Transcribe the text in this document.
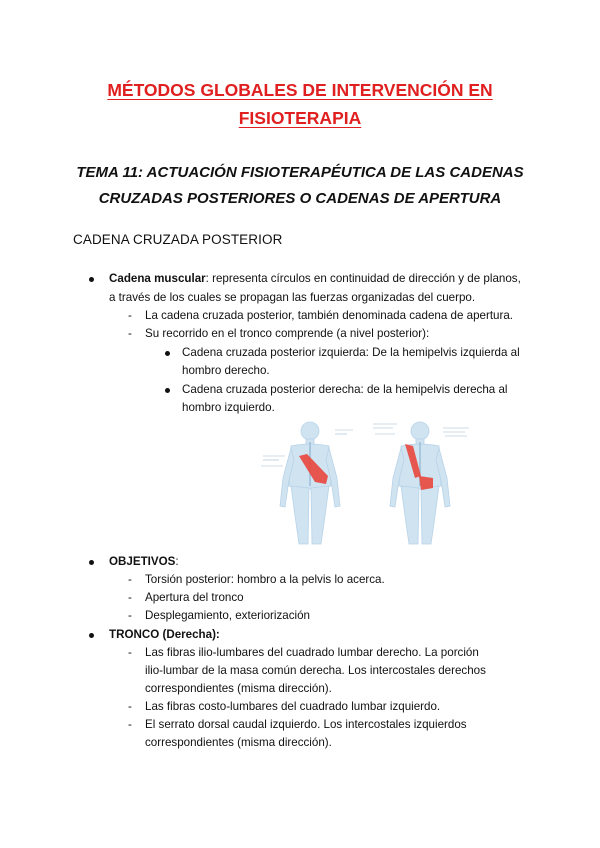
MÉTODOS GLOBALES DE INTERVENCIÓN EN
FISIOTERAPIA
TEMA 11: ACTUACIÓN FISIOTERAPÉUTICA DE LAS CADENAS
CRUZADAS POSTERIORES O CADENAS DE APERTURA
CADENA CRUZADA POSTERIOR
Cadena muscular: representa círculos en continuidad de dirección y de planos,
a través de los cuales se propagan las fuerzas organizadas del cuerpo.
- La cadena cruzada posterior, también denominada cadena de apertura.
- Su recorrido en el tronco comprende (a nivel posterior):
Cadena cruzada posterior izquierda: De la hemipelvis izquierda al
hombro derecho.
Cadena cruzada posterior derecha: de la hemipelvis derecha al
hombro izquierdo.
OBJETIVOS:
- Torsión posterior: hombro a la pelvis lo acerca.
- Apertura del tronco
- Desplegamiento, exteriorización
TRONCO (Derecha):
- Las fibras ilio-lumbares del cuadrado lumbar derecho. La porción
ilio-lumbar de la masa común derecha. Los intercostales derechos
correspondientes (misma dirección).
- Las fibras costo-lumbares del cuadrado lumbar izquierdo.
- El serrato dorsal caudal izquierdo. Los intercostales izquierdos
correspondientes (misma dirección).
